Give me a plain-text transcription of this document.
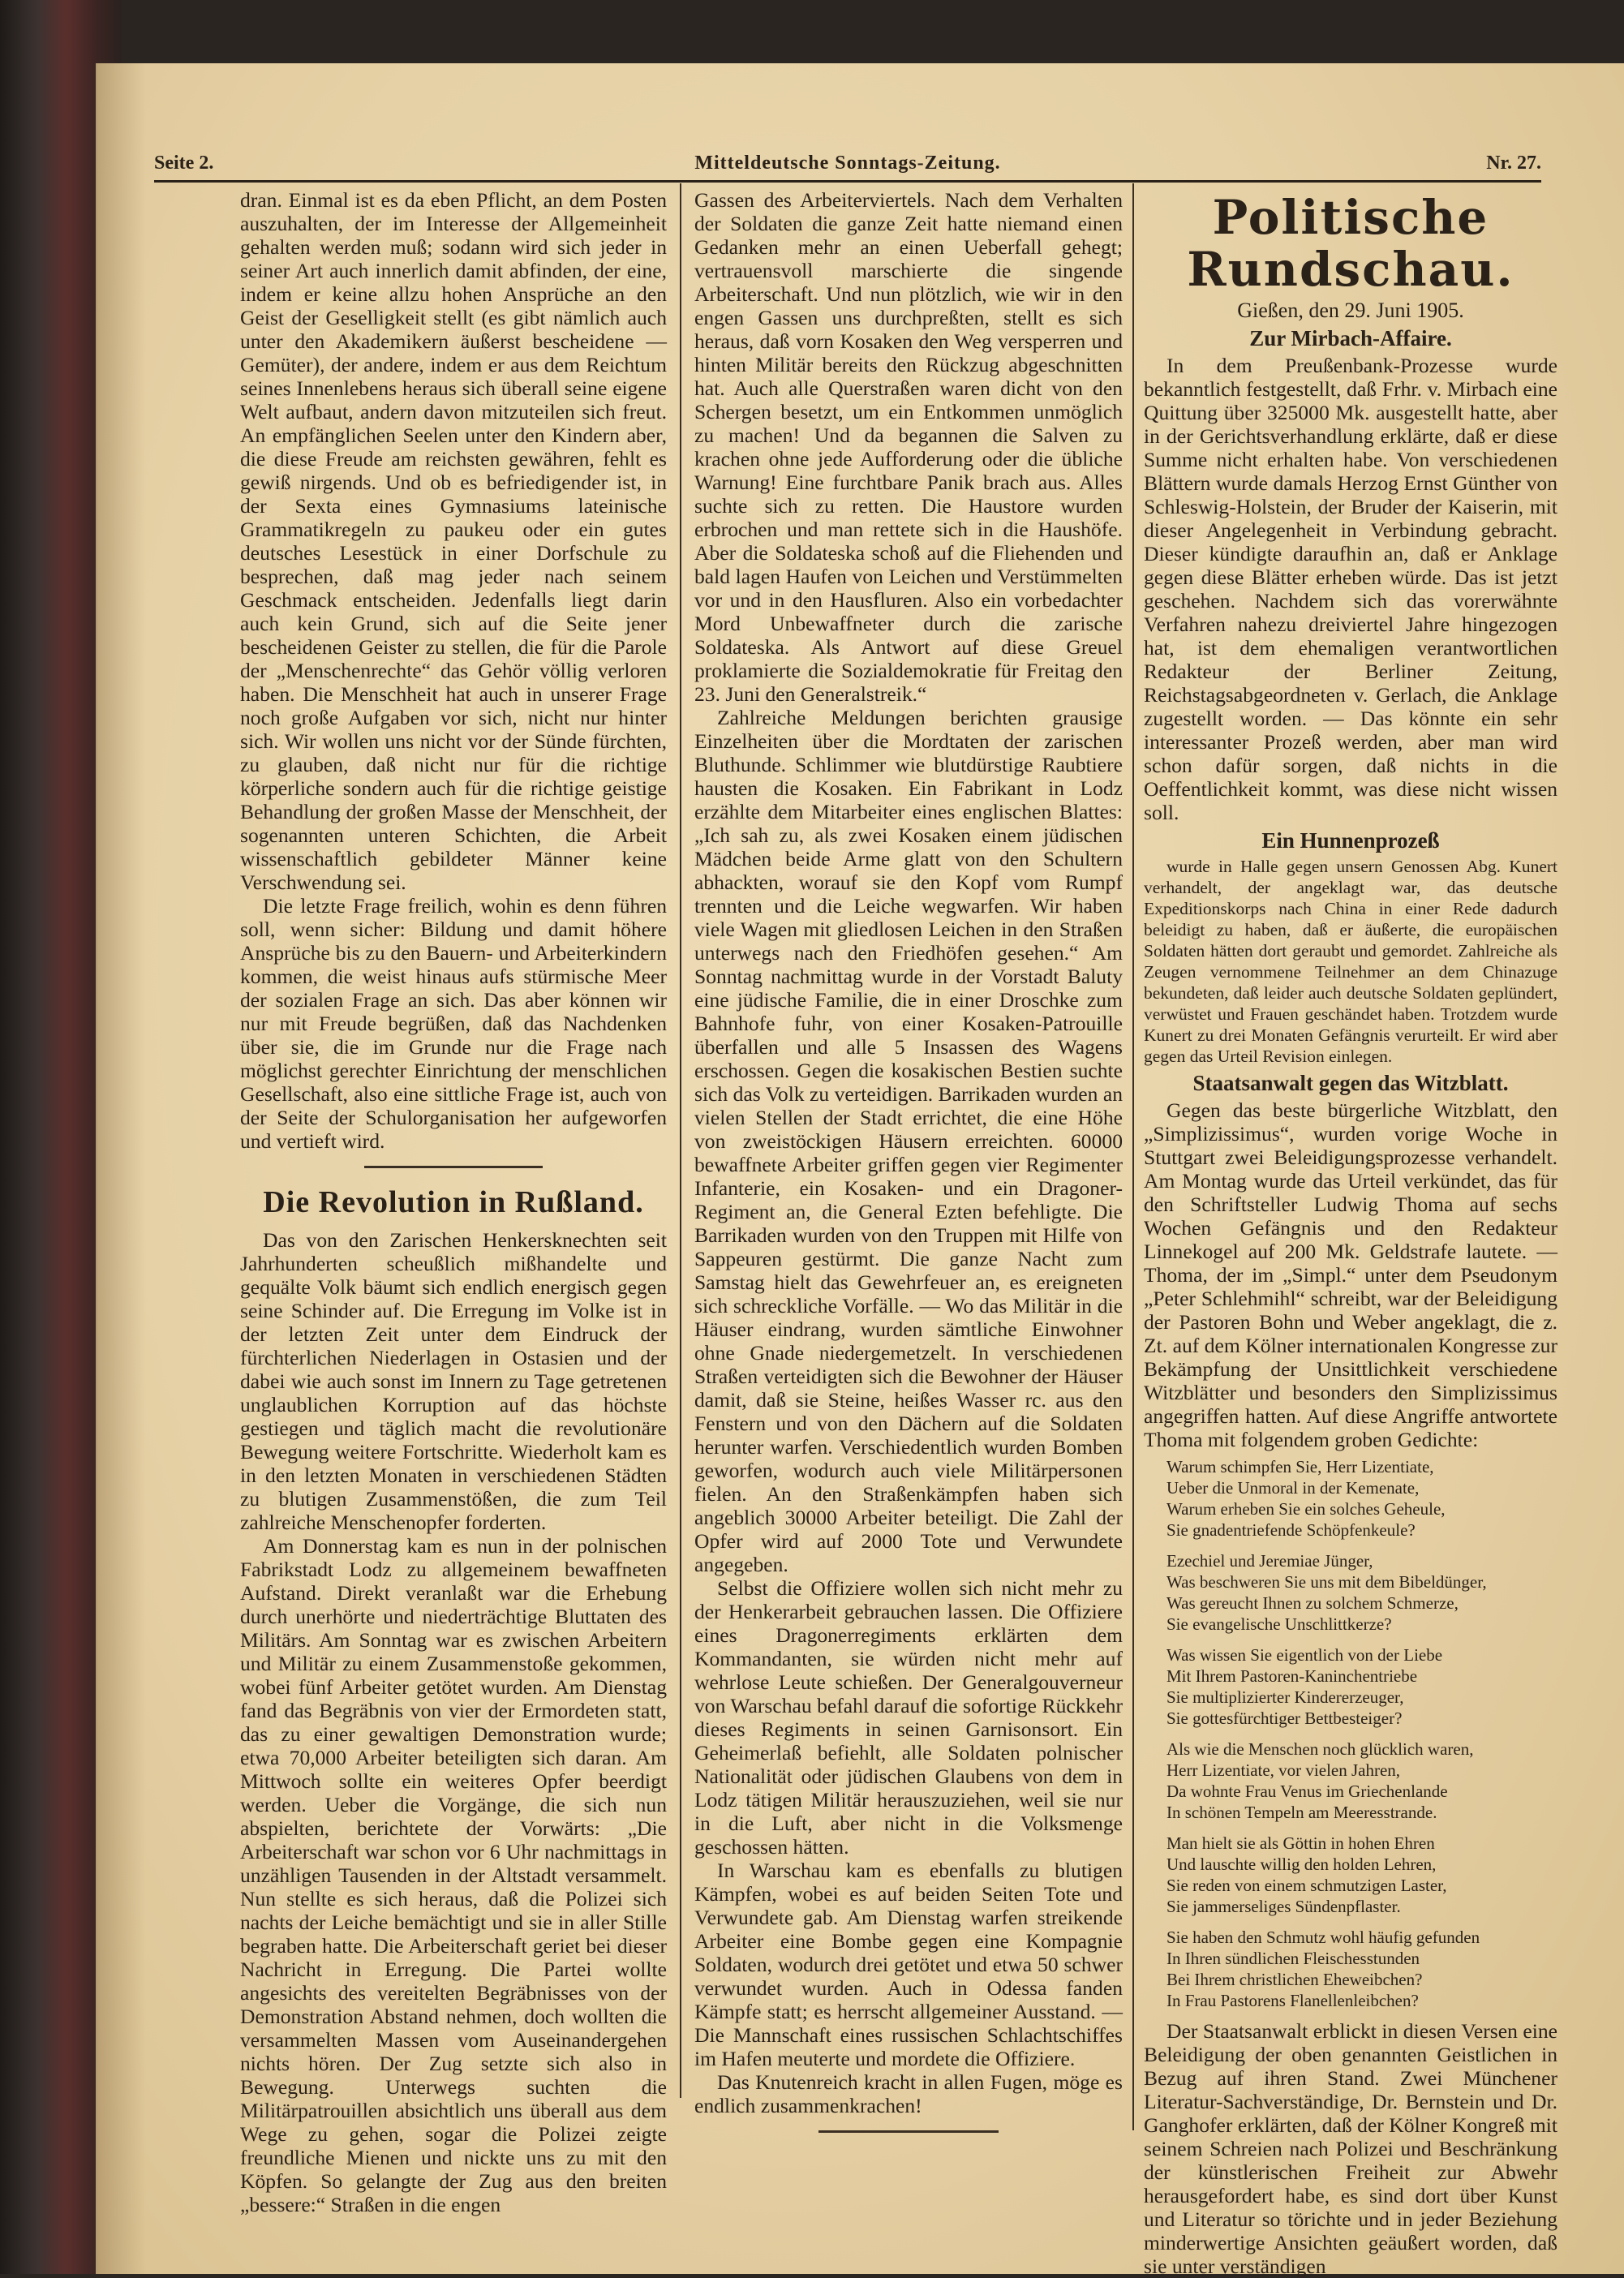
Seite 2.	Mitteldeutsche Sonntags-Zeitung.	Nr. 27.

dran. Einmal ist es da eben Pflicht, an dem Posten auszuhalten, der im Interesse der Allgemeinheit gehalten werden muß; sodann wird sich jeder in seiner Art auch innerlich damit abfinden, der eine, indem er keine allzu hohen Ansprüche an den Geist der Geselligkeit stellt (es gibt nämlich auch unter den Akademikern äußerst bescheidene — Gemüter), der andere, indem er aus dem Reichtum seines Innenlebens heraus sich überall seine eigene Welt aufbaut, andern davon mitzuteilen sich freut. An empfänglichen Seelen unter den Kindern aber, die diese Freude am reichsten gewähren, fehlt es gewiß nirgends. Und ob es befriedigender ist, in der Sexta eines Gymnasiums lateinische Grammatikregeln zu paukeu oder ein gutes deutsches Lesestück in einer Dorfschule zu besprechen, daß mag jeder nach seinem Geschmack entscheiden. Jedenfalls liegt darin auch kein Grund, sich auf die Seite jener bescheidenen Geister zu stellen, die für die Parole der „Menschenrechte“ das Gehör völlig verloren haben. Die Menschheit hat auch in unserer Frage noch große Aufgaben vor sich, nicht nur hinter sich. Wir wollen uns nicht vor der Sünde fürchten, zu glauben, daß nicht nur für die richtige körperliche sondern auch für die richtige geistige Behandlung der großen Masse der Menschheit, der sogenannten unteren Schichten, die Arbeit wissenschaftlich gebildeter Männer keine Verschwendung sei.

Die letzte Frage freilich, wohin es denn führen soll, wenn sicher: Bildung und damit höhere Ansprüche bis zu den Bauern- und Arbeiterkindern kommen, die weist hinaus aufs stürmische Meer der sozialen Frage an sich. Das aber können wir nur mit Freude begrüßen, daß das Nachdenken über sie, die im Grunde nur die Frage nach möglichst gerechter Einrichtung der menschlichen Gesellschaft, also eine sittliche Frage ist, auch von der Seite der Schulorganisation her aufgeworfen und vertieft wird.

Die Revolution in Rußland.

Das von den Zarischen Henkersknechten seit Jahrhunderten scheußlich mißhandelte und gequälte Volk bäumt sich endlich energisch gegen seine Schinder auf. Die Erregung im Volke ist in der letzten Zeit unter dem Eindruck der fürchterlichen Niederlagen in Ostasien und der dabei wie auch sonst im Innern zu Tage getretenen unglaublichen Korruption auf das höchste gestiegen und täglich macht die revolutionäre Bewegung weitere Fortschritte. Wiederholt kam es in den letzten Monaten in verschiedenen Städten zu blutigen Zusammenstößen, die zum Teil zahlreiche Menschenopfer forderten.

Am Donnerstag kam es nun in der polnischen Fabrikstadt Lodz zu allgemeinem bewaffneten Aufstand. Direkt veranlaßt war die Erhebung durch unerhörte und niederträchtige Bluttaten des Militärs. Am Sonntag war es zwischen Arbeitern und Militär zu einem Zusammenstoße gekommen, wobei fünf Arbeiter getötet wurden. Am Dienstag fand das Begräbnis von vier der Ermordeten statt, das zu einer gewaltigen Demonstration wurde; etwa 70,000 Arbeiter beteiligten sich daran. Am Mittwoch sollte ein weiteres Opfer beerdigt werden. Ueber die Vorgänge, die sich nun abspielten, berichtete der Vorwärts: „Die Arbeiterschaft war schon vor 6 Uhr nachmittags in unzähligen Tausenden in der Altstadt versammelt. Nun stellte es sich heraus, daß die Polizei sich nachts der Leiche bemächtigt und sie in aller Stille begraben hatte. Die Arbeiterschaft geriet bei dieser Nachricht in Erregung. Die Partei wollte angesichts des vereitelten Begräbnisses von der Demonstration Abstand nehmen, doch wollten die versammelten Massen vom Auseinandergehen nichts hören. Der Zug setzte sich also in Bewegung. Unterwegs suchten die Militärpatrouillen absichtlich uns überall aus dem Wege zu gehen, sogar die Polizei zeigte freundliche Mienen und nickte uns zu mit den Köpfen. So gelangte der Zug aus den breiten „bessere:“ Straßen in die engen

Gassen des Arbeiterviertels. Nach dem Verhalten der Soldaten die ganze Zeit hatte niemand einen Gedanken mehr an einen Ueberfall gehegt; vertrauensvoll marschierte die singende Arbeiterschaft. Und nun plötzlich, wie wir in den engen Gassen uns durchpreßten, stellt es sich heraus, daß vorn Kosaken den Weg versperren und hinten Militär bereits den Rückzug abgeschnitten hat. Auch alle Querstraßen waren dicht von den Schergen besetzt, um ein Entkommen unmöglich zu machen! Und da begannen die Salven zu krachen ohne jede Aufforderung oder die übliche Warnung! Eine furchtbare Panik brach aus. Alles suchte sich zu retten. Die Haustore wurden erbrochen und man rettete sich in die Haushöfe. Aber die Soldateska schoß auf die Fliehenden und bald lagen Haufen von Leichen und Verstümmelten vor und in den Hausfluren. Also ein vorbedachter Mord Unbewaffneter durch die zarische Soldateska. Als Antwort auf diese Greuel proklamierte die Sozialdemokratie für Freitag den 23. Juni den Generalstreik.“

Zahlreiche Meldungen berichten grausige Einzelheiten über die Mordtaten der zarischen Bluthunde. Schlimmer wie blutdürstige Raubtiere hausten die Kosaken. Ein Fabrikant in Lodz erzählte dem Mitarbeiter eines englischen Blattes: „Ich sah zu, als zwei Kosaken einem jüdischen Mädchen beide Arme glatt von den Schultern abhackten, worauf sie den Kopf vom Rumpf trennten und die Leiche wegwarfen. Wir haben viele Wagen mit gliedlosen Leichen in den Straßen unterwegs nach den Friedhöfen gesehen.“ Am Sonntag nachmittag wurde in der Vorstadt Baluty eine jüdische Familie, die in einer Droschke zum Bahnhofe fuhr, von einer Kosaken-Patrouille überfallen und alle 5 Insassen des Wagens erschossen. Gegen die kosakischen Bestien suchte sich das Volk zu verteidigen. Barrikaden wurden an vielen Stellen der Stadt errichtet, die eine Höhe von zweistöckigen Häusern erreichten. 60000 bewaffnete Arbeiter griffen gegen vier Regimenter Infanterie, ein Kosaken- und ein Dragoner-Regiment an, die General Ezten befehligte. Die Barrikaden wurden von den Truppen mit Hilfe von Sappeuren gestürmt. Die ganze Nacht zum Samstag hielt das Gewehrfeuer an, es ereigneten sich schreckliche Vorfälle. — Wo das Militär in die Häuser eindrang, wurden sämtliche Einwohner ohne Gnade niedergemetzelt. In verschiedenen Straßen verteidigten sich die Bewohner der Häuser damit, daß sie Steine, heißes Wasser rc. aus den Fenstern und von den Dächern auf die Soldaten herunter warfen. Verschiedentlich wurden Bomben geworfen, wodurch auch viele Militärpersonen fielen. An den Straßenkämpfen haben sich angeblich 30000 Arbeiter beteiligt. Die Zahl der Opfer wird auf 2000 Tote und Verwundete angegeben.

Selbst die Offiziere wollen sich nicht mehr zu der Henkerarbeit gebrauchen lassen. Die Offiziere eines Dragonerregiments erklärten dem Kommandanten, sie würden nicht mehr auf wehrlose Leute schießen. Der Generalgouverneur von Warschau befahl darauf die sofortige Rückkehr dieses Regiments in seinen Garnisonsort. Ein Geheimerlaß befiehlt, alle Soldaten polnischer Nationalität oder jüdischen Glaubens von dem in Lodz tätigen Militär herauszuziehen, weil sie nur in die Luft, aber nicht in die Volksmenge geschossen hätten.

In Warschau kam es ebenfalls zu blutigen Kämpfen, wobei es auf beiden Seiten Tote und Verwundete gab. Am Dienstag warfen streikende Arbeiter eine Bombe gegen eine Kompagnie Soldaten, wodurch drei getötet und etwa 50 schwer verwundet wurden. Auch in Odessa fanden Kämpfe statt; es herrscht allgemeiner Ausstand. — Die Mannschaft eines russischen Schlachtschiffes im Hafen meuterte und mordete die Offiziere.

Das Knutenreich kracht in allen Fugen, möge es endlich zusammenkrachen!

Politische Rundschau.
Gießen, den 29. Juni 1905.
Zur Mirbach-Affaire.

In dem Preußenbank-Prozesse wurde bekanntlich festgestellt, daß Frhr. v. Mirbach eine Quittung über 325000 Mk. ausgestellt hatte, aber in der Gerichtsverhandlung erklärte, daß er diese Summe nicht erhalten habe. Von verschiedenen Blättern wurde damals Herzog Ernst Günther von Schleswig-Holstein, der Bruder der Kaiserin, mit dieser Angelegenheit in Verbindung gebracht. Dieser kündigte daraufhin an, daß er Anklage gegen diese Blätter erheben würde. Das ist jetzt geschehen. Nachdem sich das vorerwähnte Verfahren nahezu dreiviertel Jahre hingezogen hat, ist dem ehemaligen verantwortlichen Redakteur der Berliner Zeitung, Reichstagsabgeordneten v. Gerlach, die Anklage zugestellt worden. — Das könnte ein sehr interessanter Prozeß werden, aber man wird schon dafür sorgen, daß nichts in die Oeffentlichkeit kommt, was diese nicht wissen soll.

Ein Hunnenprozeß

wurde in Halle gegen unsern Genossen Abg. Kunert verhandelt, der angeklagt war, das deutsche Expeditionskorps nach China in einer Rede dadurch beleidigt zu haben, daß er äußerte, die europäischen Soldaten hätten dort geraubt und gemordet. Zahlreiche als Zeugen vernommene Teilnehmer an dem Chinazuge bekundeten, daß leider auch deutsche Soldaten geplündert, verwüstet und Frauen geschändet haben. Trotzdem wurde Kunert zu drei Monaten Gefängnis verurteilt. Er wird aber gegen das Urteil Revision einlegen.

Staatsanwalt gegen das Witzblatt.

Gegen das beste bürgerliche Witzblatt, den „Simplizissimus“, wurden vorige Woche in Stuttgart zwei Beleidigungsprozesse verhandelt. Am Montag wurde das Urteil verkündet, das für den Schriftsteller Ludwig Thoma auf sechs Wochen Gefängnis und den Redakteur Linnekogel auf 200 Mk. Geldstrafe lautete. — Thoma, der im „Simpl.“ unter dem Pseudonym „Peter Schlehmihl“ schreibt, war der Beleidigung der Pastoren Bohn und Weber angeklagt, die z. Zt. auf dem Kölner internationalen Kongresse zur Bekämpfung der Unsittlichkeit verschiedene Witzblätter und besonders den Simplizissimus angegriffen hatten. Auf diese Angriffe antwortete Thoma mit folgendem groben Gedichte:

Warum schimpfen Sie, Herr Lizentiate,
Ueber die Unmoral in der Kemenate,
Warum erheben Sie ein solches Geheule,
Sie gnadentriefende Schöpfenkeule?
Ezechiel und Jeremiae Jünger,
Was beschweren Sie uns mit dem Bibeldünger,
Was gereucht Ihnen zu solchem Schmerze,
Sie evangelische Unschlittkerze?
Was wissen Sie eigentlich von der Liebe
Mit Ihrem Pastoren-Kaninchentriebe
Sie multiplizierter Kindererzeuger,
Sie gottesfürchtiger Bettbesteiger?
Als wie die Menschen noch glücklich waren,
Herr Lizentiate, vor vielen Jahren,
Da wohnte Frau Venus im Griechenlande
In schönen Tempeln am Meeresstrande.
Man hielt sie als Göttin in hohen Ehren
Und lauschte willig den holden Lehren,
Sie reden von einem schmutzigen Laster,
Sie jammerseliges Sündenpflaster.
Sie haben den Schmutz wohl häufig gefunden
In Ihren sündlichen Fleischesstunden
Bei Ihrem christlichen Eheweibchen?
In Frau Pastorens Flanellenleibchen?

Der Staatsanwalt erblickt in diesen Versen eine Beleidigung der oben genannten Geistlichen in Bezug auf ihren Stand. Zwei Münchener Literatur-Sachverständige, Dr. Bernstein und Dr. Ganghofer erklärten, daß der Kölner Kongreß mit seinem Schreien nach Polizei und Beschränkung der künstlerischen Freiheit zur Abwehr herausgefordert habe, es sind dort über Kunst und Literatur so törichte und in jeder Beziehung minderwertige Ansichten geäußert worden, daß sie unter verständigen
